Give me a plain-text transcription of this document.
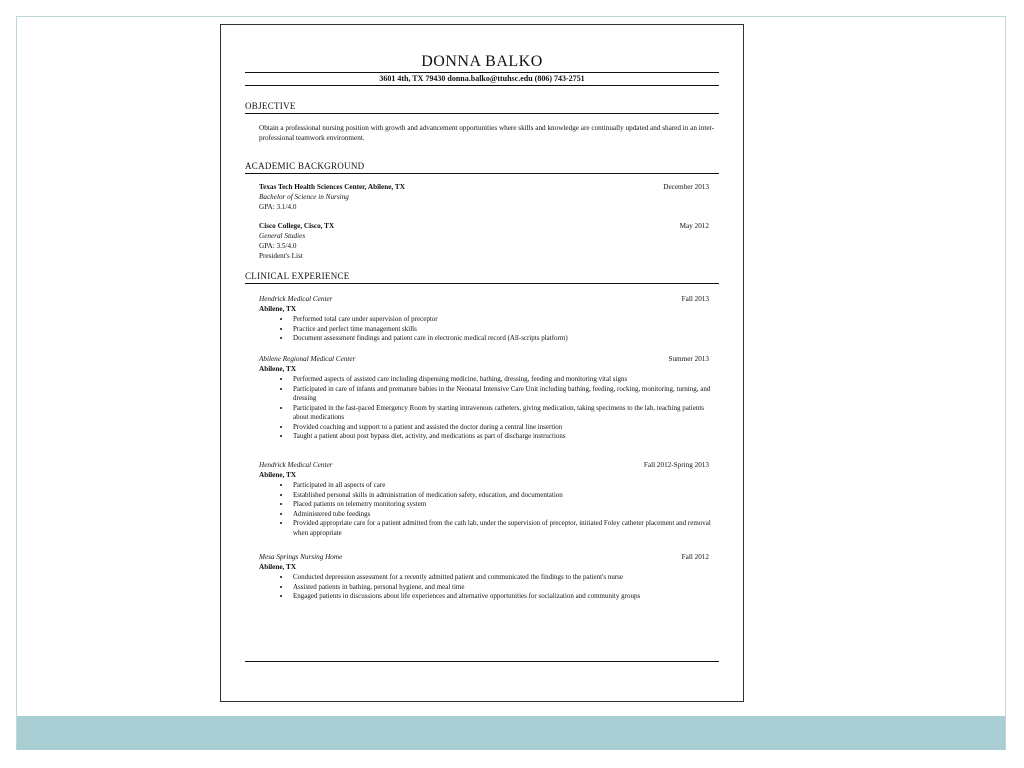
DONNA BALKO
3601 4th, TX 79430 donna.balko@ttuhsc.edu (806) 743-2751
OBJECTIVE
Obtain a professional nursing position with growth and advancement opportunities where skills and knowledge are continually updated and shared in an inter-professional teamwork environment.
ACADEMIC BACKGROUND
Texas Tech Health Sciences Center, Abilene, TX	December 2013
Bachelor of Science in Nursing
GPA: 3.1/4.0
Cisco College, Cisco, TX	May 2012
General Studies
GPA: 3.5/4.0
President's List
CLINICAL EXPERIENCE
Hendrick Medical Center	Fall 2013
Abilene, TX
• Performed total care under supervision of preceptor
• Practice and perfect time management skills
• Document assessment findings and patient care in electronic medical record (All-scripts platform)
Abilene Regional Medical Center	Summer 2013
Abilene, TX
• Performed aspects of assisted care including dispensing medicine, bathing, dressing, feeding and monitoring vital signs
• Participated in care of infants and premature babies in the Neonatal Intensive Care Unit including bathing, feeding, rocking, monitoring, turning, and dressing
• Participated in the fast-paced Emergency Room by starting intravenous catheters, giving medication, taking specimens to the lab, teaching patients about medications
• Provided coaching and support to a patient and assisted the doctor during a central line insertion
• Taught a patient about post bypass diet, activity, and medications as part of discharge instructions
Hendrick Medical Center	Fall 2012-Spring 2013
Abilene, TX
• Participated in all aspects of care
• Established personal skills in administration of medication safety, education, and documentation
• Placed patients on telemetry monitoring system
• Administered tube feedings
• Provided appropriate care for a patient admitted from the cath lab, under the supervision of preceptor, initiated Foley catheter placement and removal when appropriate
Mesa Springs Nursing Home	Fall 2012
Abilene, TX
• Conducted depression assessment for a recently admitted patient and communicated the findings to the patient's nurse
• Assisted patients in bathing, personal hygiene, and meal time
• Engaged patients in discussions about life experiences and alternative opportunities for socialization and community groups
